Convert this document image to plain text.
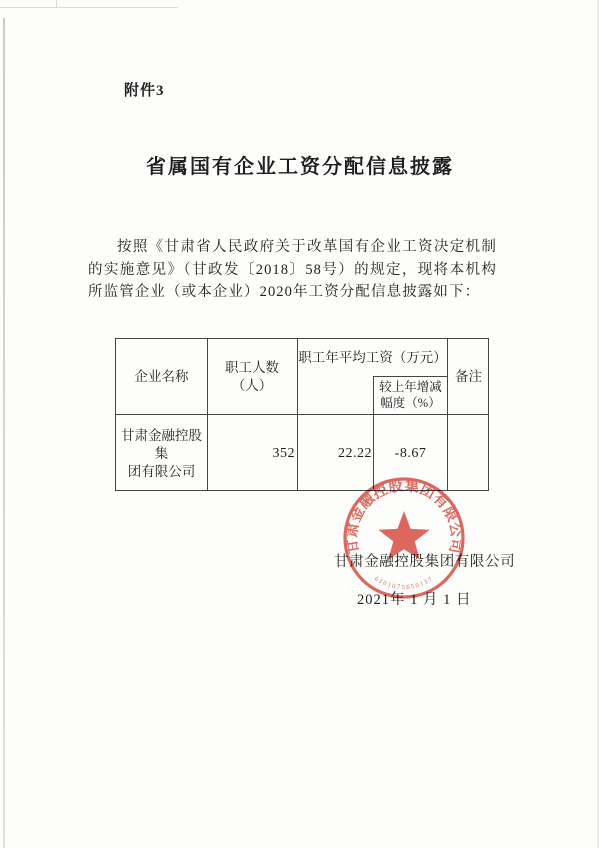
附件3
省属国有企业工资分配信息披露
按照《甘肃省人民政府关于改革国有企业工资决定机制的实施意见》（甘政发〔2018〕58号）的规定，现将本机构所监管企业（或本企业）2020年工资分配信息披露如下：
企业名称
职工人数
（人）
职工年平均工资（万元）
较上年增减
幅度（%）
备注
甘肃金融控股集
团有限公司
352	22.22	-8.67
甘肃金融控股集团有限公司
2021年 1 月 1 日
甘肃金融控股集团有限公司
6201075650137
